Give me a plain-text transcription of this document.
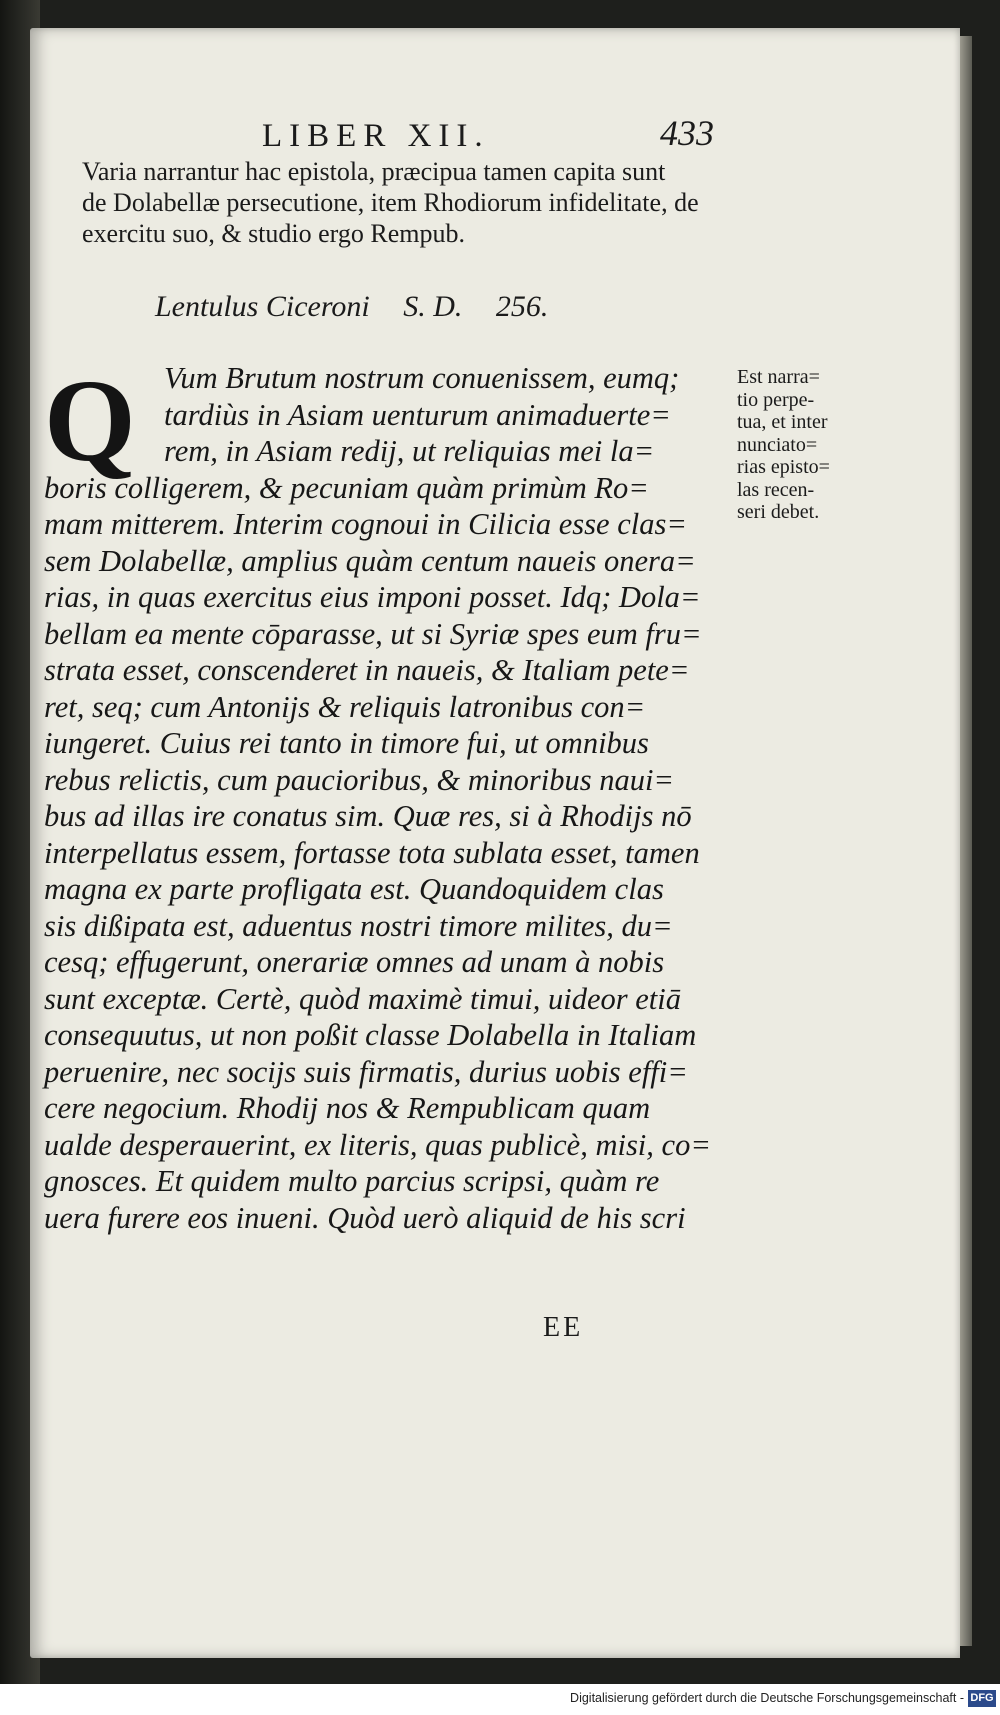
LIBER XII.	433
Varia narrantur hac epistola, præcipua tamen capita sunt
de Dolabellæ persecutione, item Rhodiorum infidelitate, de
exercitu suo, & studio ergo Rempub.
Lentulus Ciceroni S. D. 256.
Q Vum Brutum nostrum conuenissem, eumq;
tardiùs in Asiam uenturum animaduerte=
rem, in Asiam redij, ut reliquias mei la=
boris colligerem, & pecuniam quàm primùm Ro=
mam mitterem. Interim cognoui in Cilicia esse clas=
sem Dolabellæ, amplius quàm centum naueis onera=
rias, in quas exercitus eius imponi posset. Idq; Dola=
bellam ea mente cōparasse, ut si Syriæ spes eum fru=
strata esset, conscenderet in naueis, & Italiam pete=
ret, seq; cum Antonijs & reliquis latronibus con=
iungeret. Cuius rei tanto in timore fui, ut omnibus
rebus relictis, cum paucioribus, & minoribus naui=
bus ad illas ire conatus sim. Quæ res, si à Rhodijs nō
interpellatus essem, fortasse tota sublata esset, tamen
magna ex parte profligata est. Quandoquidem clas
sis dißipata est, aduentus nostri timore milites, du=
cesq; effugerunt, onerariæ omnes ad unam à nobis
sunt exceptæ. Certè, quòd maximè timui, uideor etiā
consequutus, ut non poßit classe Dolabella in Italiam
peruenire, nec socijs suis firmatis, durius uobis effi=
cere negocium. Rhodij nos & Rempublicam quam
ualde desperauerint, ex literis, quas publicè, misi, co=
gnosces. Et quidem multo parcius scripsi, quàm re
uera furere eos inueni. Quòd uerò aliquid de his scri
Est narra=
tio perpe-
tua, et inter
nunciato=
rias episto=
las recen-
seri debet.
EE
Digitalisierung gefördert durch die Deutsche Forschungsgemeinschaft - DFG
